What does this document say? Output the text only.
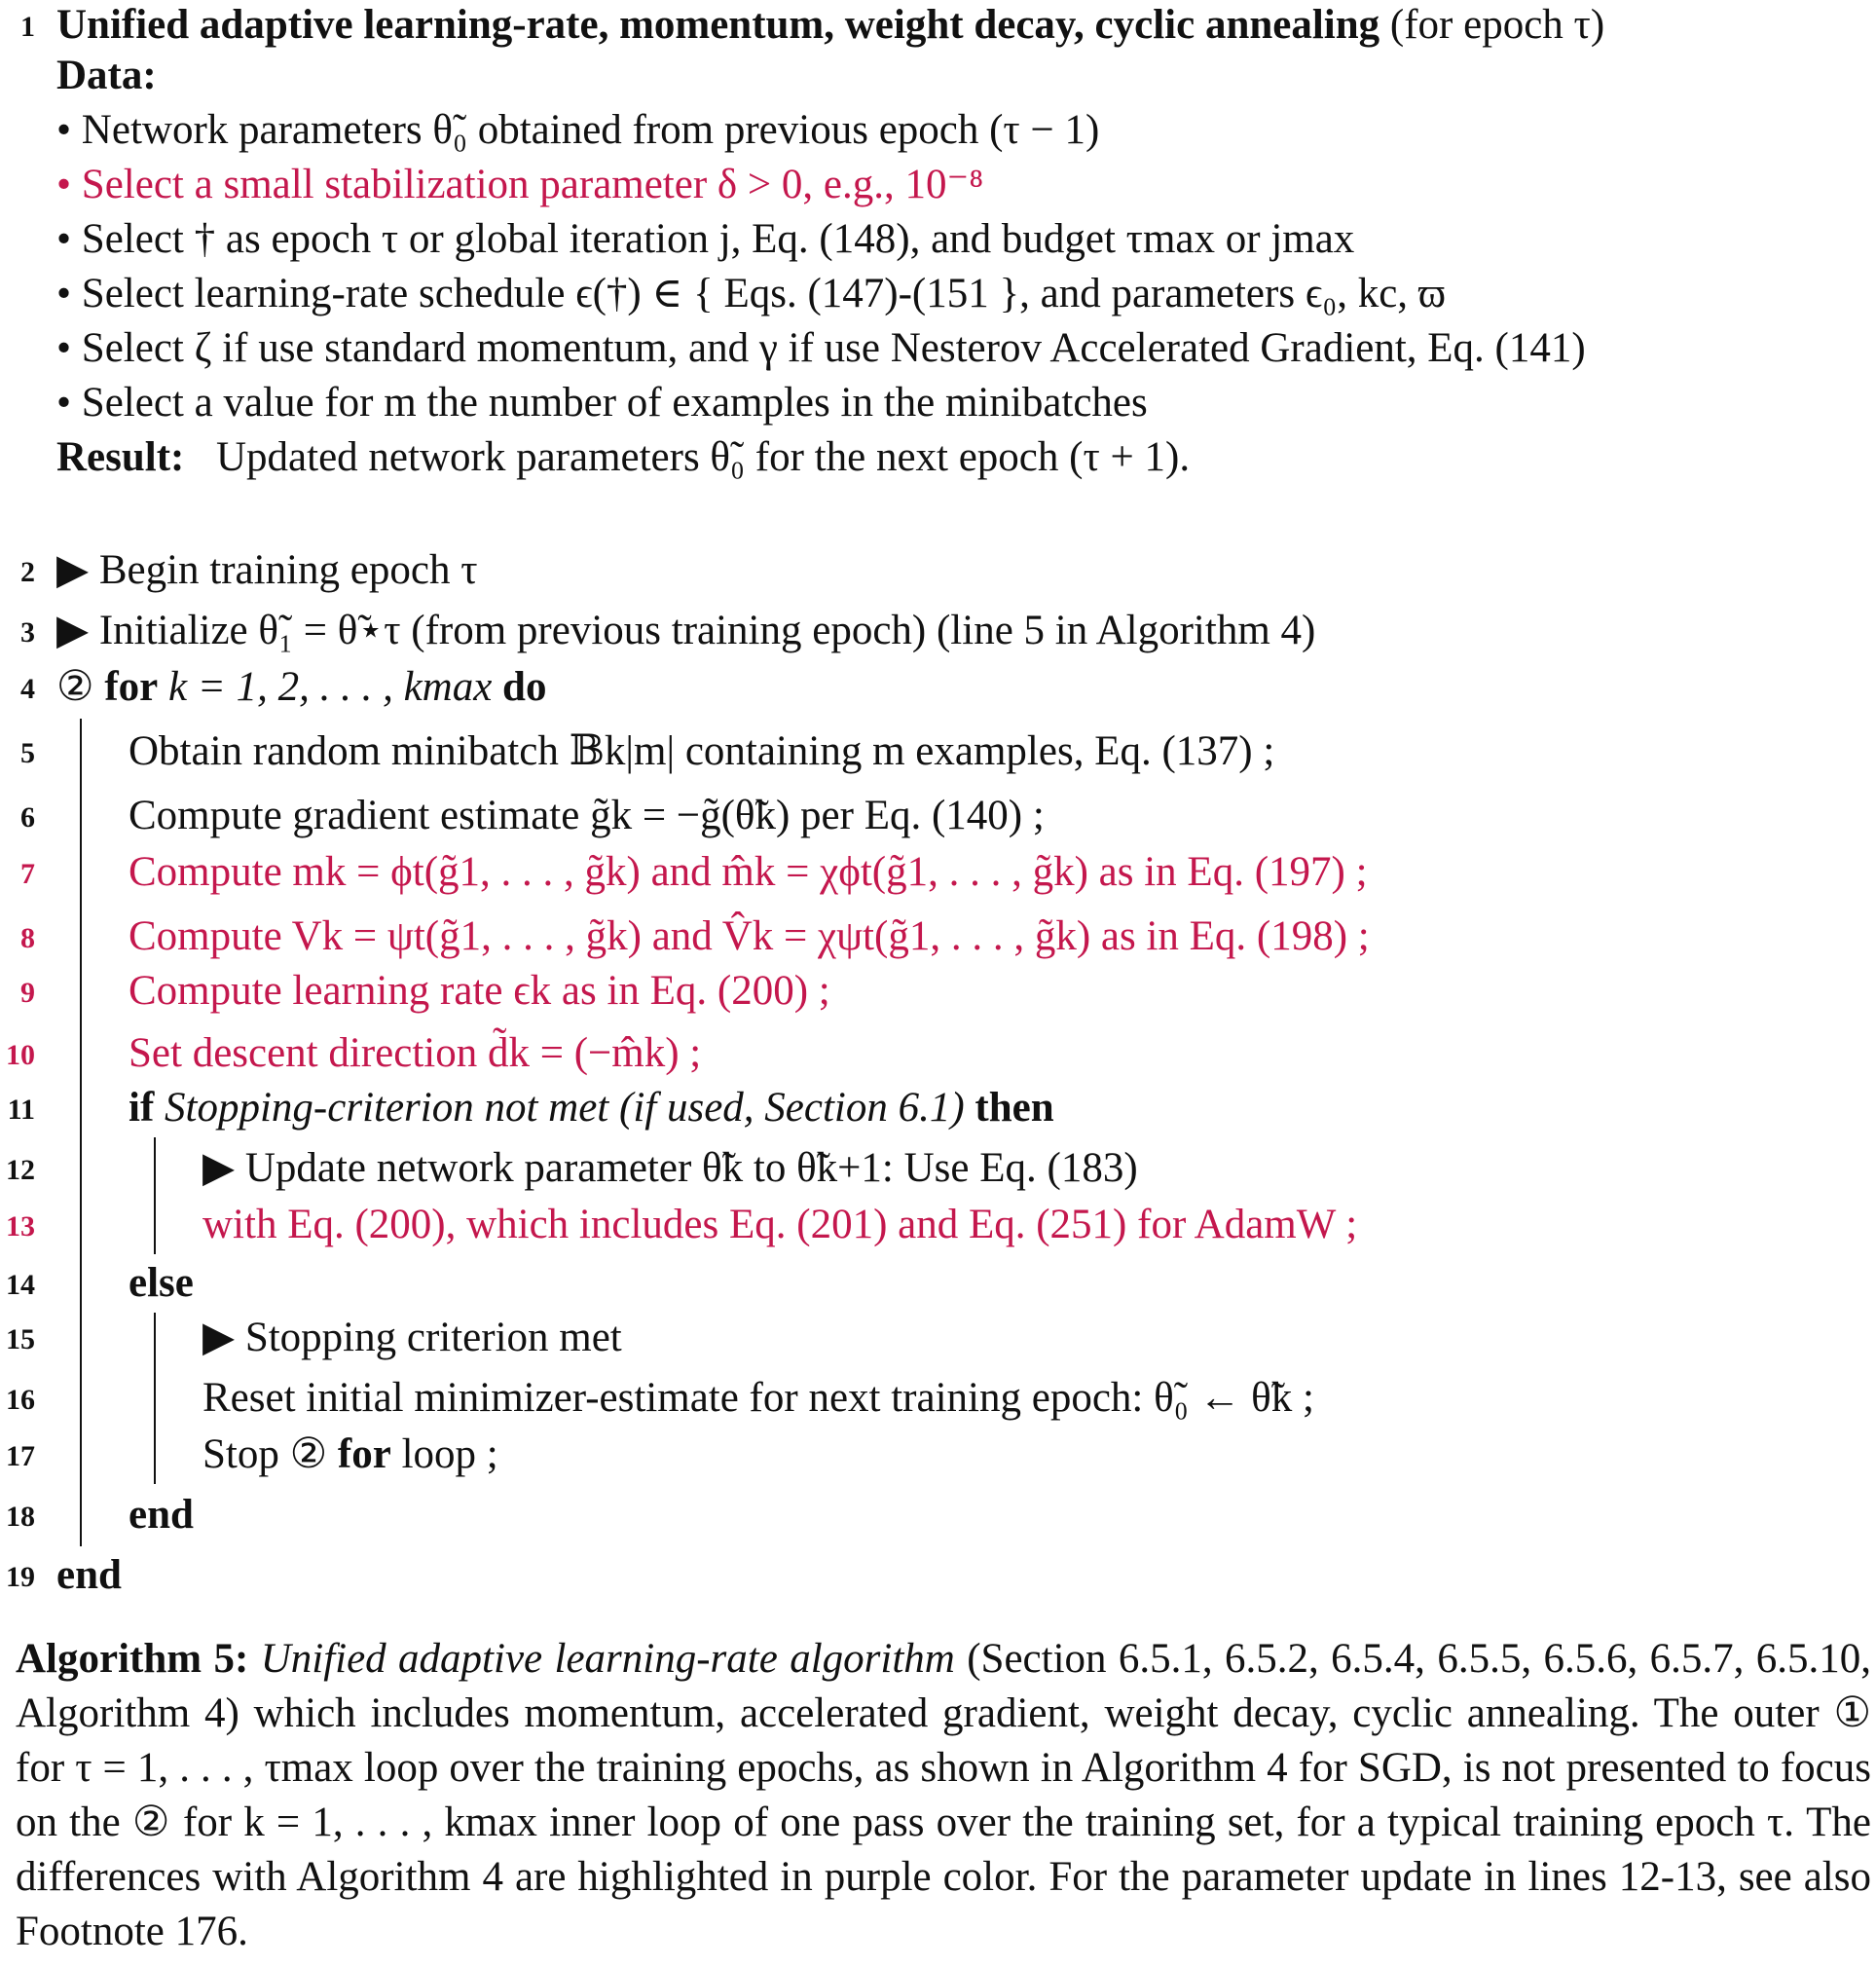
1 Unified adaptive learning-rate, momentum, weight decay, cyclic annealing (for epoch τ)
Data:
• Network parameters θ̃₀ obtained from previous epoch (τ − 1)
• Select a small stabilization parameter δ > 0, e.g., 10⁻⁸
• Select † as epoch τ or global iteration j, Eq. (148), and budget τmax or jmax
• Select learning-rate schedule ϵ(†) ∈ { Eqs. (147)-(151 }, and parameters ϵ₀, kc, ϖ
• Select ζ if use standard momentum, and γ if use Nesterov Accelerated Gradient, Eq. (141)
• Select a value for m the number of examples in the minibatches
Result: Updated network parameters θ̃₀ for the next epoch (τ + 1).
2 ▶ Begin training epoch τ
3 ▶ Initialize θ̃₁ = θ̃⋆τ (from previous training epoch) (line 5 in Algorithm 4)
4 ② for k = 1, 2, . . . , kmax do
5 Obtain random minibatch 𝔹k|m| containing m examples, Eq. (137) ;
6 Compute gradient estimate g̃k = −g̃(θ̃k) per Eq. (140) ;
7 Compute mk = ϕt(g̃1, . . . , g̃k) and m̂k = χϕt(g̃1, . . . , g̃k) as in Eq. (197) ;
8 Compute Vk = ψt(g̃1, . . . , g̃k) and V̂k = χψt(g̃1, . . . , g̃k) as in Eq. (198) ;
9 Compute learning rate ϵk as in Eq. (200) ;
10 Set descent direction d̃k = (−m̂k) ;
11 if Stopping-criterion not met (if used, Section 6.1) then
12	▶ Update network parameter θ̃k to θ̃k+1: Use Eq. (183)
13	with Eq. (200), which includes Eq. (201) and Eq. (251) for AdamW ;
14 else
15	▶ Stopping criterion met
16	Reset initial minimizer-estimate for next training epoch: θ̃₀ ← θ̃k ;
17	Stop ② for loop ;
18 end
19 end
Algorithm 5: Unified adaptive learning-rate algorithm (Section 6.5.1, 6.5.2, 6.5.4, 6.5.5, 6.5.6, 6.5.7, 6.5.10, Algorithm 4) which includes momentum, accelerated gradient, weight decay, cyclic annealing. The outer ① for τ = 1, . . . , τmax loop over the training epochs, as shown in Algorithm 4 for SGD, is not presented to focus on the ② for k = 1, . . . , kmax inner loop of one pass over the training set, for a typical training epoch τ. The differences with Algorithm 4 are highlighted in purple color. For the parameter update in lines 12-13, see also Footnote 176.
